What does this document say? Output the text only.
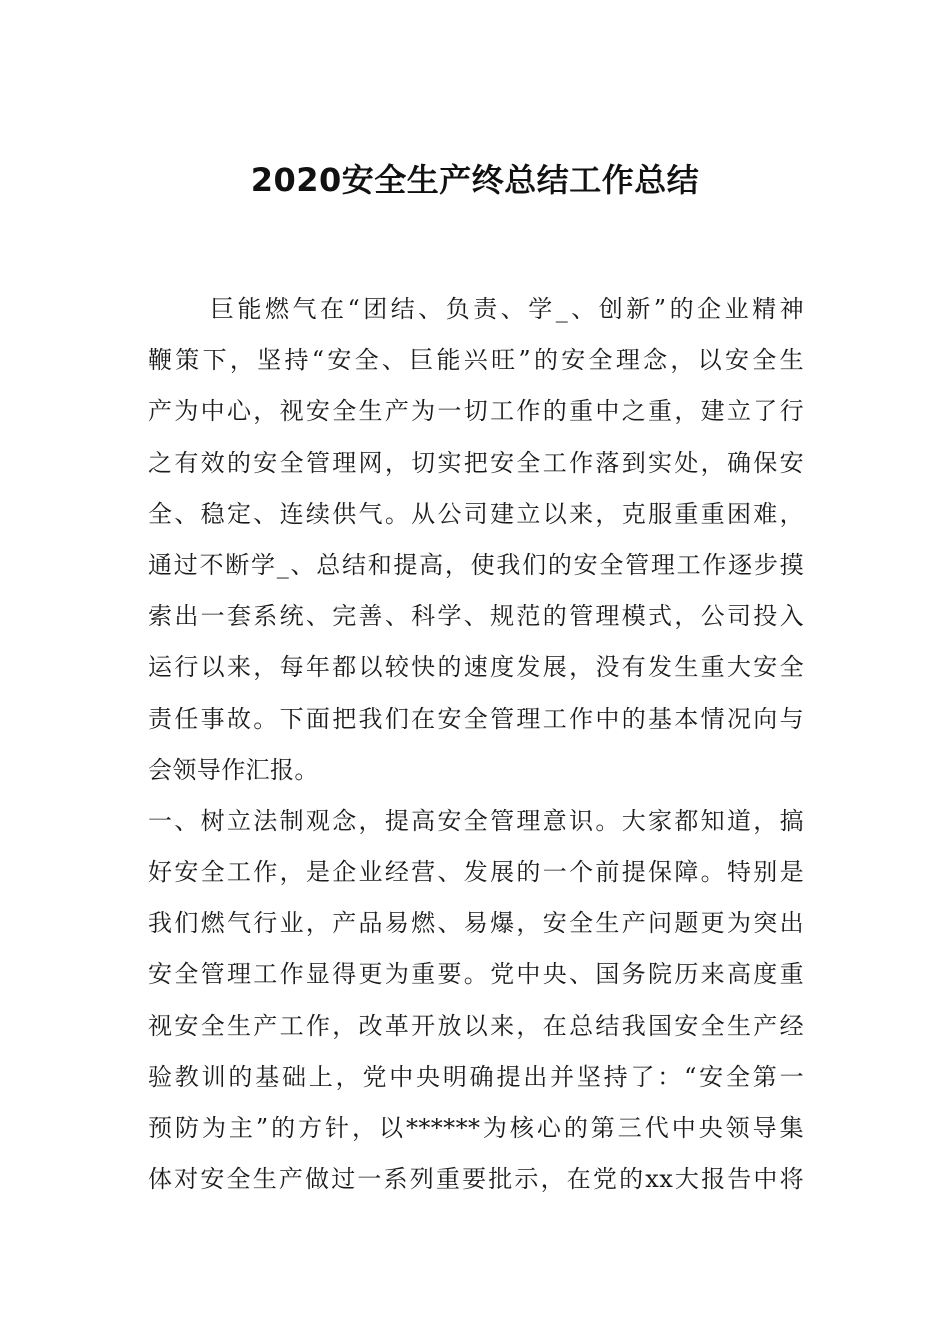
2020安全生产终总结工作总结
巨能燃气在“团结、负责、学_、创新”的企业精神
鞭策下，坚持“安全、巨能兴旺”的安全理念，以安全生
产为中心，视安全生产为一切工作的重中之重，建立了行
之有效的安全管理网，切实把安全工作落到实处，确保安
全、稳定、连续供气。从公司建立以来，克服重重困难，
通过不断学_、总结和提高，使我们的安全管理工作逐步摸
索出一套系统、完善、科学、规范的管理模式，公司投入
运行以来，每年都以较快的速度发展，没有发生重大安全
责任事故。下面把我们在安全管理工作中的基本情况向与
会领导作汇报。
一、树立法制观念，提高安全管理意识。大家都知道，搞
好安全工作，是企业经营、发展的一个前提保障。特别是
我们燃气行业，产品易燃、易爆，安全生产问题更为突出
安全管理工作显得更为重要。党中央、国务院历来高度重
视安全生产工作，改革开放以来，在总结我国安全生产经
验教训的基础上，党中央明确提出并坚持了：“安全第一
预防为主”的方针，以******为核心的第三代中央领导集
体对安全生产做过一系列重要批示，在党的xx大报告中将
